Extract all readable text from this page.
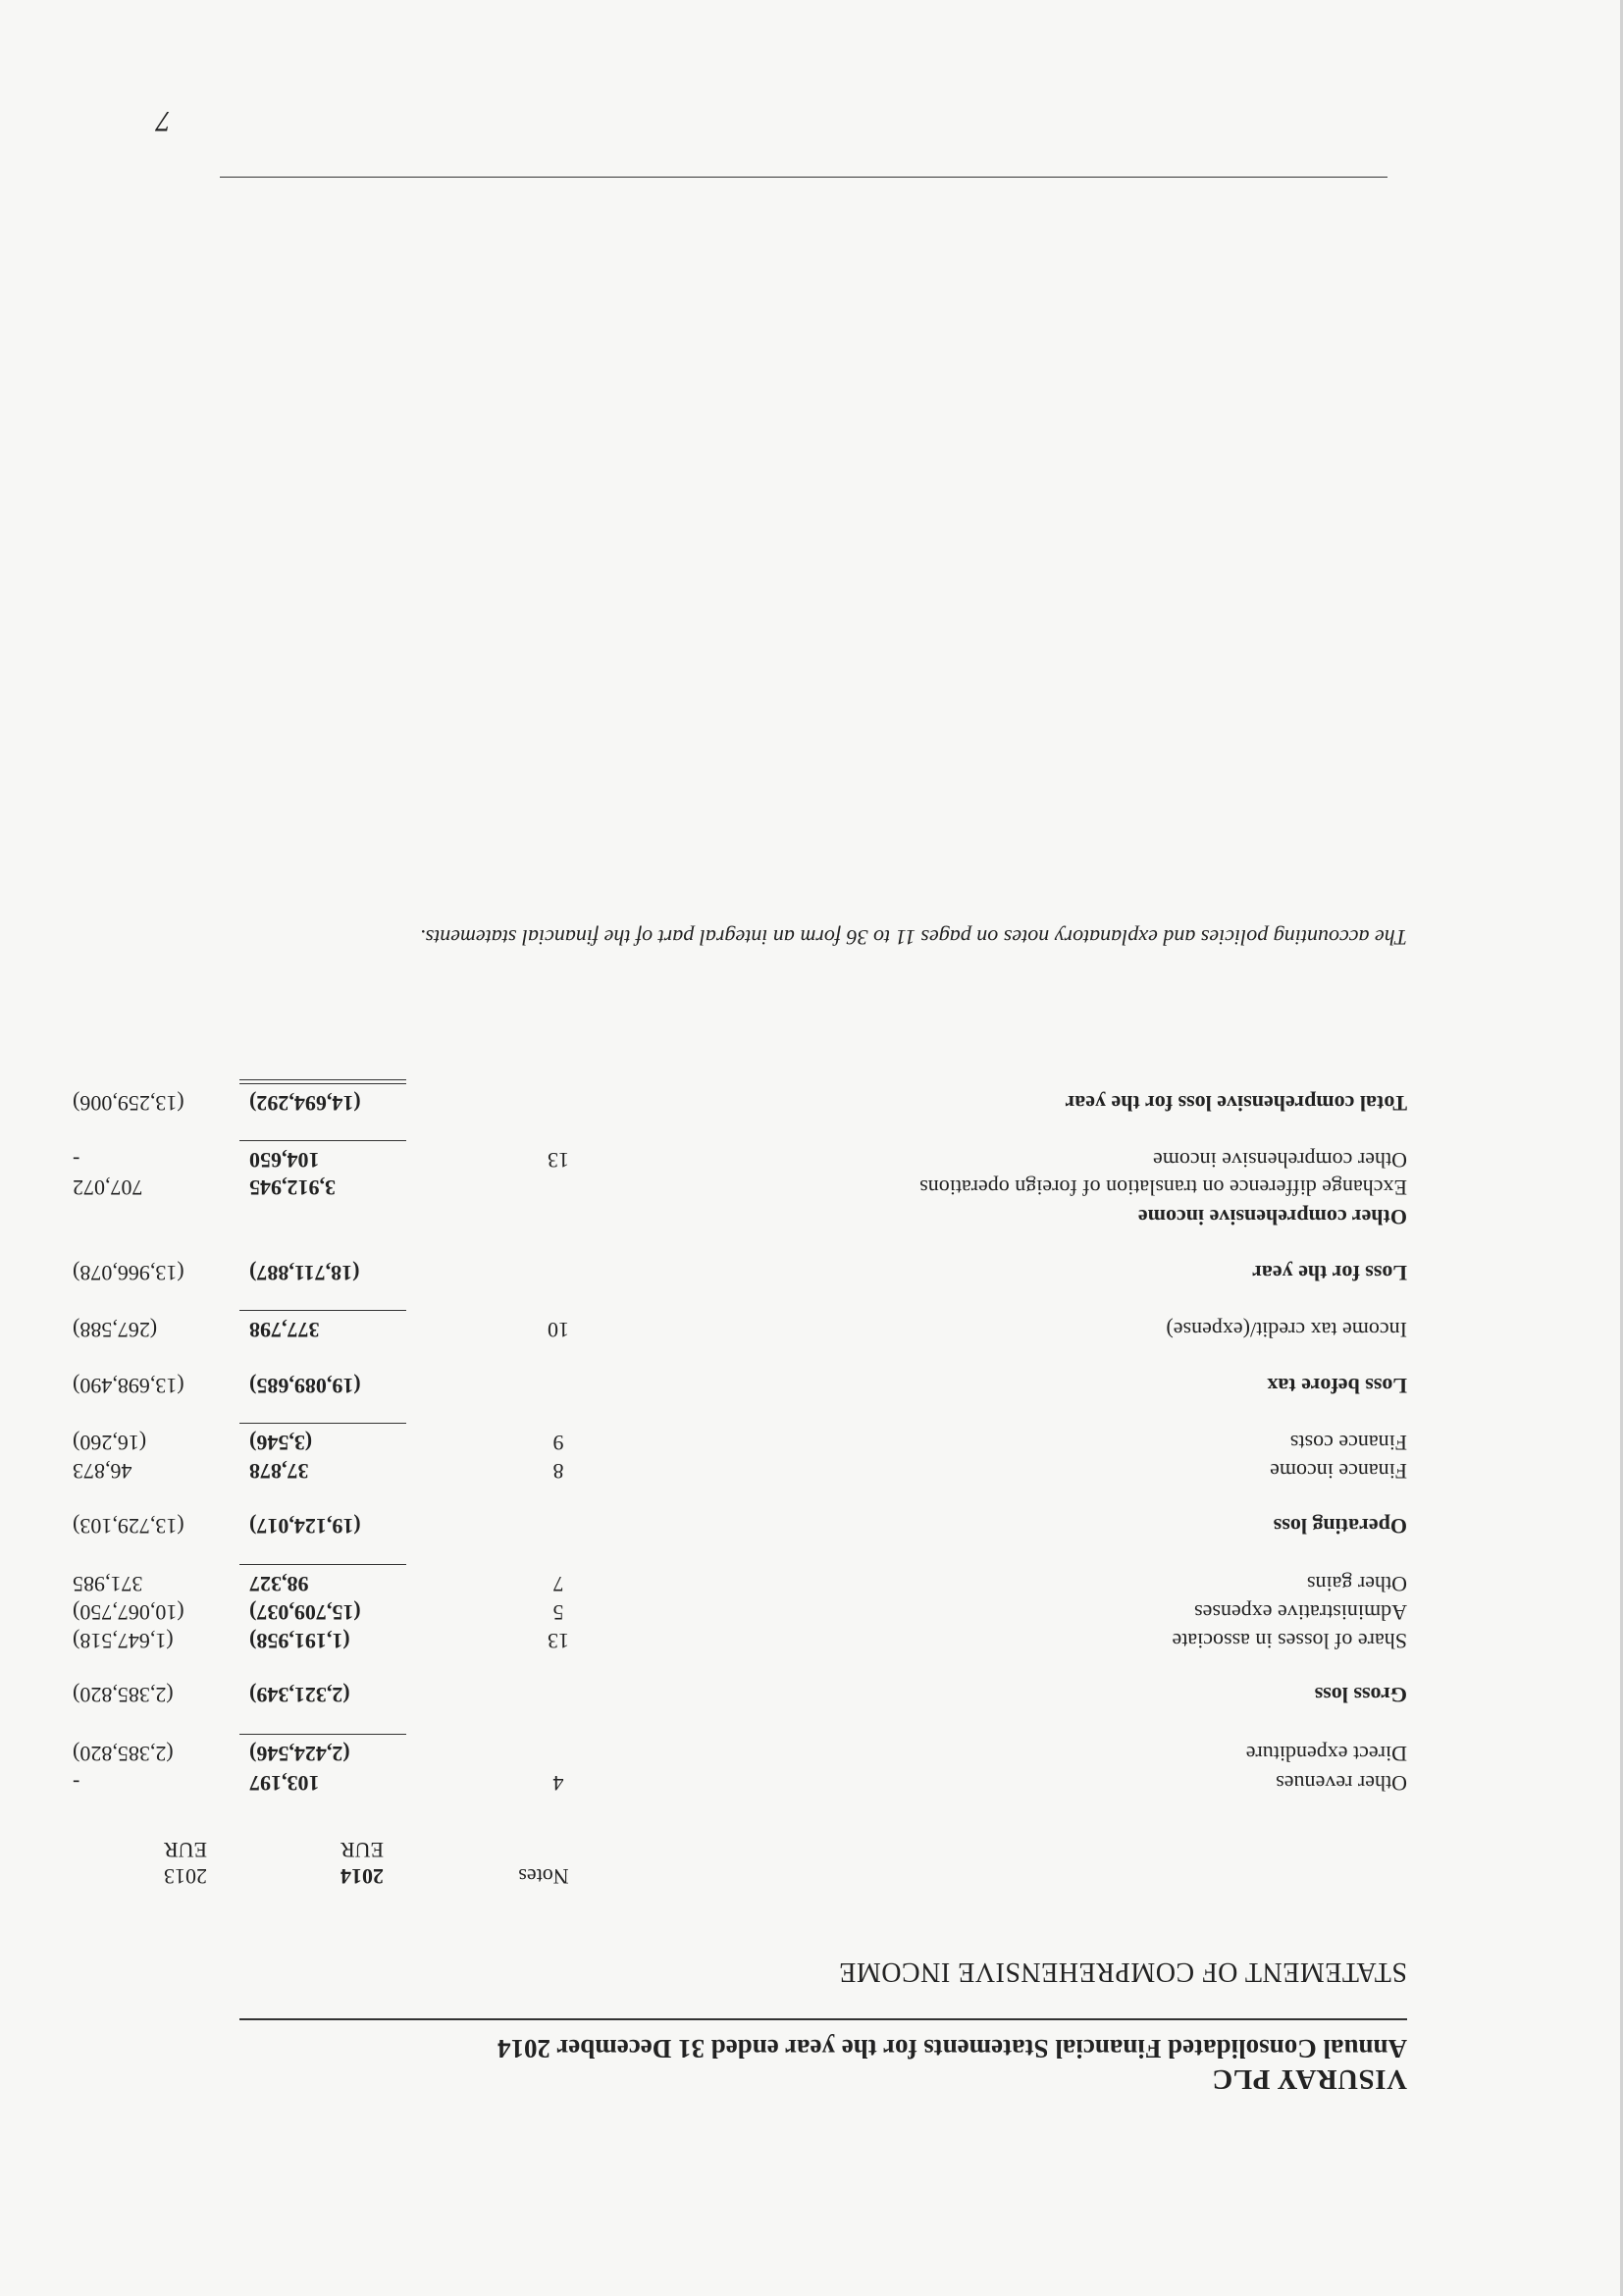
VISURAY PLC
Annual Consolidated Financial Statements for the year ended 31 December 2014
STATEMENT OF COMPREHENSIVE INCOME
Notes
2014
2013
EUR
EUR
Other revenues
4
103,197
-
Direct expenditure
(2,424,546)
(2,385,820)
Gross loss
(2,321,349)
(2,385,820)
Share of losses in associate
13
(1,191,958)
(1,647,518)
Administrative expenses
5
(15,709,037)
(10,067,750)
Other gains
7
98,327
371,985
Operating loss
(19,124,017)
(13,729,103)
Finance income
8
37,878
46,873
Finance costs
9
(3,546)
(16,260)
Loss before tax
(19,089,685)
(13,698,490)
Income tax credit/(expense)
10
377,798
(267,588)
Loss for the year
(18,711,887)
(13,966,078)
Other comprehensive income
Exchange difference on translation of foreign operations
3,912,945
707,072
Other comprehensive income
13
104,650
-
Total comprehensive loss for the year
(14,694,292)
(13,259,006)
The accounting policies and explanatory notes on pages 11 to 36 form an integral part of the financial statements.
7
